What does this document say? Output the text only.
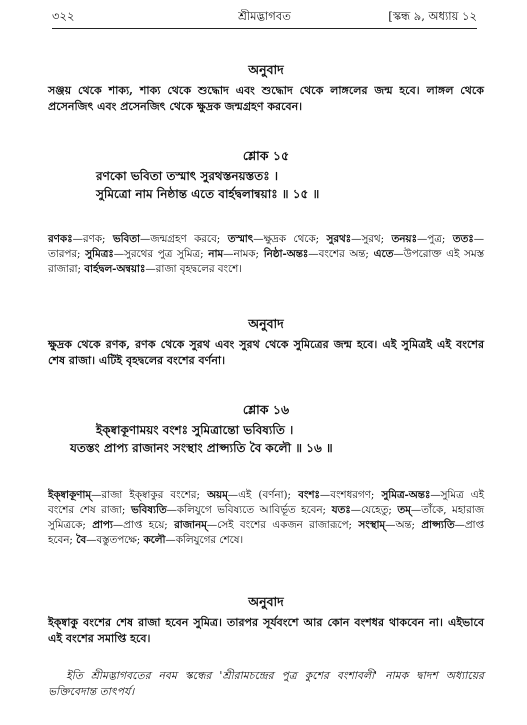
৩২২	শ্রীমদ্ভাগবত	[স্কন্ধ ৯, অধ্যায় ১২
অনুবাদ
সঞ্জয় থেকে শাক্য, শাক্য থেকে শুদ্ধোদ এবং শুদ্ধোদ থেকে লাঙ্গলের জন্ম হবে। লাঙ্গল থেকে প্রসেনজিৎ এবং প্রসেনজিৎ থেকে ক্ষুদ্রক জন্মগ্রহণ করবেন।
শ্লোক ১৫
রণকো ভবিতা তস্মাৎ সুরথস্তনয়স্ততঃ ।
সুমিত্রো নাম নিষ্ঠান্ত এতে বার্হদ্বলান্বয়াঃ ॥ ১৫ ॥
রণকঃ—রণক; ভবিতা—জন্মগ্রহণ করবে; তস্মাৎ—ক্ষুদ্রক থেকে; সুরথঃ—সুরথ; তনয়ঃ—পুত্র; ততঃ—তারপর; সুমিত্রঃ—সুরথের পুত্র সুমিত্র; নাম—নামক; নিষ্ঠা-অন্তঃ—বংশের অন্ত; এতে—উপরোক্ত এই সমস্ত রাজারা; বার্হদ্বল-অন্বয়াঃ—রাজা বৃহদ্বলের বংশে।
অনুবাদ
ক্ষুদ্রক থেকে রণক, রণক থেকে সুরথ এবং সুরথ থেকে সুমিত্রের জন্ম হবে। এই সুমিত্রই এই বংশের শেষ রাজা। এটিই বৃহদ্বলের বংশের বর্ণনা।
শ্লোক ১৬
ইক্ষ্বাকূণাময়ং বংশঃ সুমিত্রান্তো ভবিষ্যতি ।
যতস্তং প্রাপ্য রাজানং সংস্থাং প্রাপ্স্যতি বৈ কলৌ ॥ ১৬ ॥
ইক্ষ্বাকূণাম্—রাজা ইক্ষ্বাকুর বংশের; অয়ম্—এই (বর্ণনা); বংশঃ—বংশধরগণ; সুমিত্র-অন্তঃ—সুমিত্র এই বংশের শেষ রাজা; ভবিষ্যতি—কলিযুগে ভবিষ্যতে আবির্ভূত হবেন; যতঃ—যেহেতু; তম্—তাঁকে, মহারাজ সুমিত্রকে; প্রাপ্য—প্রাপ্ত হয়ে; রাজানম্—সেই বংশের একজন রাজারূপে; সংস্থাম্—অন্ত; প্রাপ্স্যতি—প্রাপ্ত হবেন; বৈ—বস্তুতপক্ষে; কলৌ—কলিযুগের শেষে।
অনুবাদ
ইক্ষ্বাকু বংশের শেষ রাজা হবেন সুমিত্র। তারপর সূর্যবংশে আর কোন বংশধর থাকবেন না। এইভাবে এই বংশের সমাপ্তি হবে।
ইতি শ্রীমদ্ভাগবতের নবম স্কন্ধের 'শ্রীরামচন্দ্রের পুত্র কুশের বংশাবলী' নামক দ্বাদশ অধ্যায়ের ভক্তিবেদান্ত তাৎপর্য।
